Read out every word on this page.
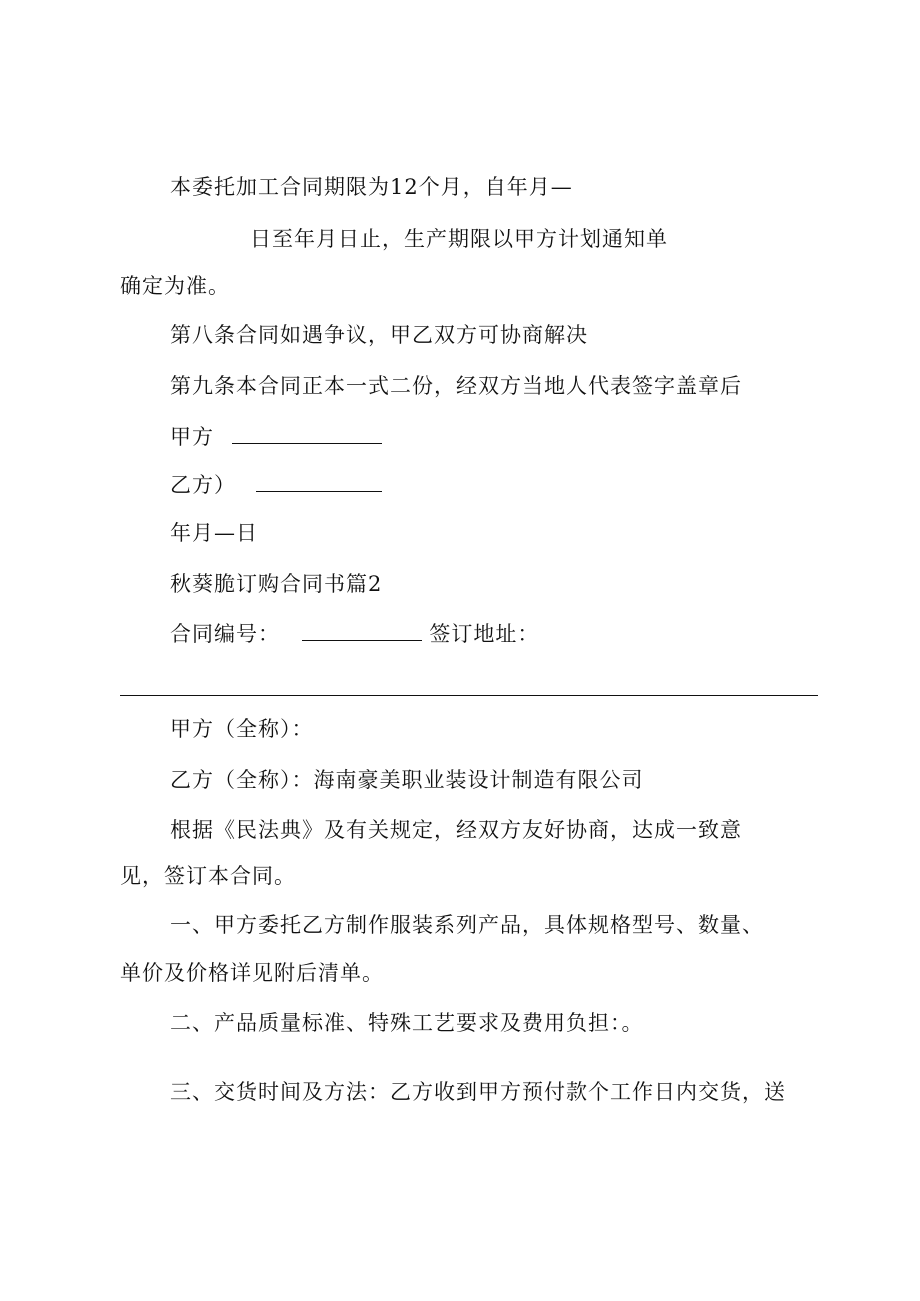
本委托加工合同期限为12个月，自年月—
日至年月日止，生产期限以甲方计划通知单
确定为准。
第八条合同如遇争议，甲乙双方可协商解决
第九条本合同正本一式二份，经双方当地人代表签字盖章后
甲方
乙方）
年月—日
秋葵脆订购合同书篇2
合同编号：	签订地址：
甲方（全称）：
乙方（全称）：海南豪美职业装设计制造有限公司
根据《民法典》及有关规定，经双方友好协商，达成一致意
见，签订本合同。
一、甲方委托乙方制作服装系列产品，具体规格型号、数量、
单价及价格详见附后清单。
二、产品质量标准、特殊工艺要求及费用负担：。
三、交货时间及方法：乙方收到甲方预付款个工作日内交货，送
